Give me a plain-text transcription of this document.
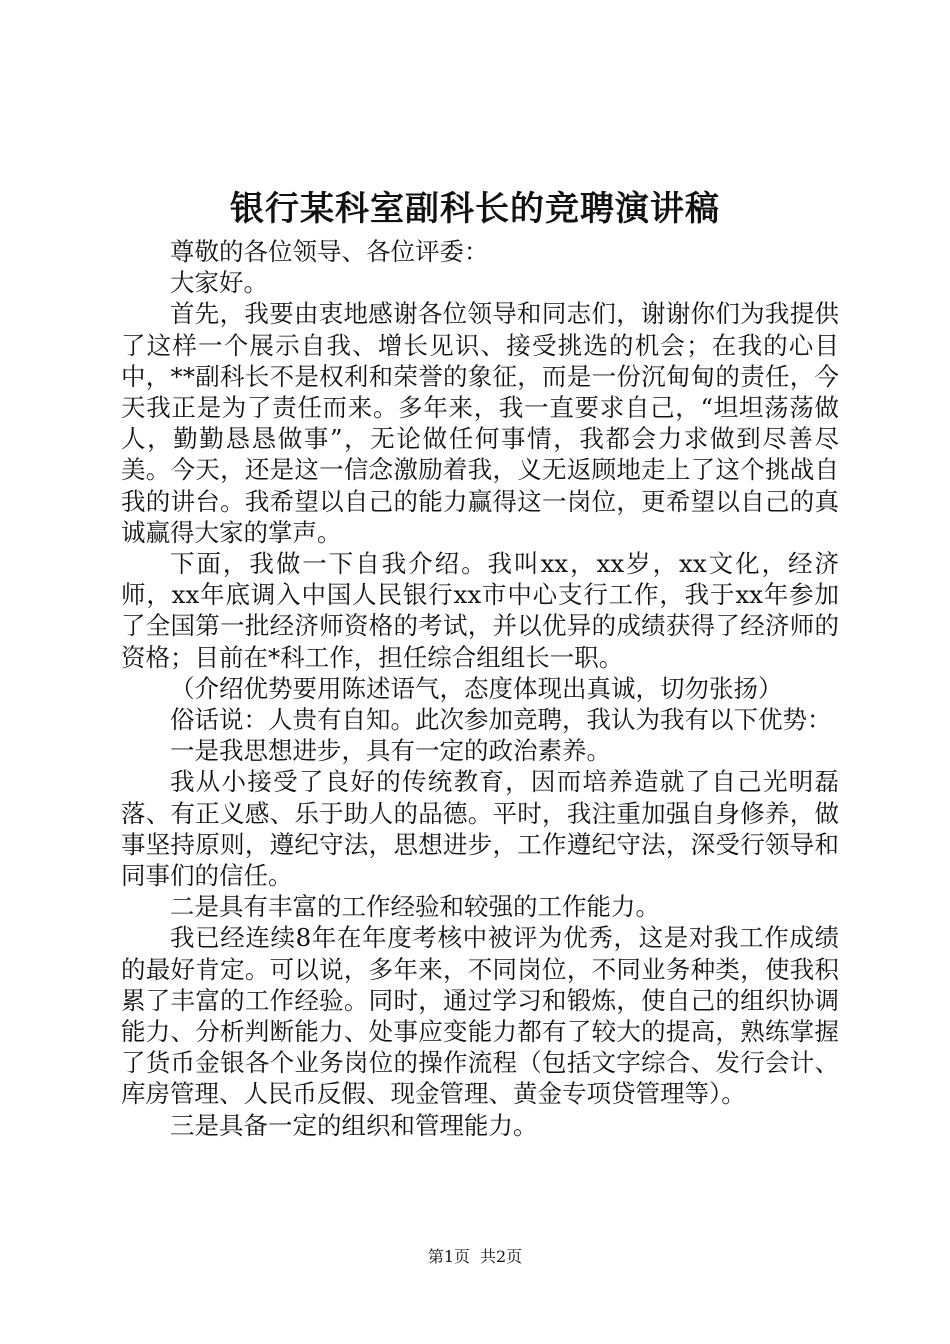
银行某科室副科长的竞聘演讲稿

尊敬的各位领导、各位评委：

大家好。

首先，我要由衷地感谢各位领导和同志们，谢谢你们为我提供了这样一个展示自我、增长见识、接受挑选的机会；在我的心目中，**副科长不是权利和荣誉的象征，而是一份沉甸甸的责任，今天我正是为了责任而来。多年来，我一直要求自己，“坦坦荡荡做人，勤勤恳恳做事”，无论做任何事情，我都会力求做到尽善尽美。今天，还是这一信念激励着我，义无返顾地走上了这个挑战自我的讲台。我希望以自己的能力赢得这一岗位，更希望以自己的真诚赢得大家的掌声。

下面，我做一下自我介绍。我叫xx，xx岁，xx文化，经济师，xx年底调入中国人民银行xx市中心支行工作，我于xx年参加了全国第一批经济师资格的考试，并以优异的成绩获得了经济师的资格；目前在*科工作，担任综合组组长一职。

（介绍优势要用陈述语气，态度体现出真诚，切勿张扬）

俗话说：人贵有自知。此次参加竞聘，我认为我有以下优势：

一是我思想进步，具有一定的政治素养。

我从小接受了良好的传统教育，因而培养造就了自己光明磊落、有正义感、乐于助人的品德。平时，我注重加强自身修养，做事坚持原则，遵纪守法，思想进步，工作遵纪守法，深受行领导和同事们的信任。

二是具有丰富的工作经验和较强的工作能力。

我已经连续8年在年度考核中被评为优秀，这是对我工作成绩的最好肯定。可以说，多年来，不同岗位，不同业务种类，使我积累了丰富的工作经验。同时，通过学习和锻炼，使自己的组织协调能力、分析判断能力、处事应变能力都有了较大的提高，熟练掌握了货币金银各个业务岗位的操作流程（包括文字综合、发行会计、库房管理、人民币反假、现金管理、黄金专项贷管理等）。

三是具备一定的组织和管理能力。

第1页 共2页
